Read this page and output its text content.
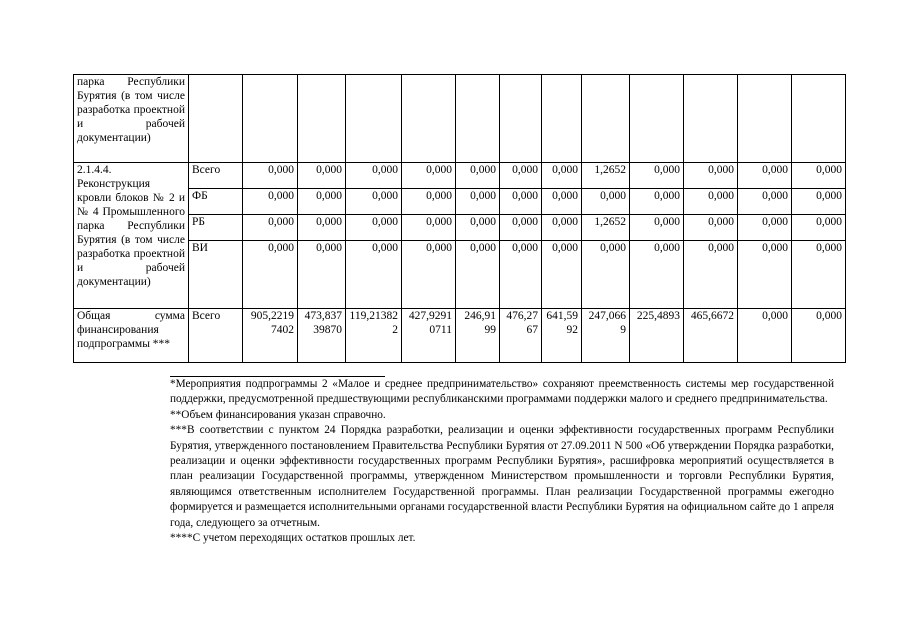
парка Республики Бурятия (в том числе разработка проектной и рабочей документации)													
2.1.4.4. Реконструкция кровли блоков № 2 и № 4 Промышленного парка Республики Бурятия (в том числе разработка проектной и рабочей документации)	Всего	0,000	0,000	0,000	0,000	0,000	0,000	0,000	1,2652	0,000	0,000	0,000	0,000
	ФБ	0,000	0,000	0,000	0,000	0,000	0,000	0,000	0,000	0,000	0,000	0,000	0,000
	РБ	0,000	0,000	0,000	0,000	0,000	0,000	0,000	1,2652	0,000	0,000	0,000	0,000
	ВИ	0,000	0,000	0,000	0,000	0,000	0,000	0,000	0,000	0,000	0,000	0,000	0,000
Общая сумма финансирования подпрограммы ***	Всего	905,22197402	473,83739870	119,213822	427,92910711	246,9199	476,2767	641,5992	247,0669	225,4893	465,6672	0,000	0,000

*Мероприятия подпрограммы 2 «Малое и среднее предпринимательство» сохраняют преемственность системы мер государственной поддержки, предусмотренной предшествующими республиканскими программами поддержки малого и среднего предпринимательства.

**Объем финансирования указан справочно.

***В соответствии с пунктом 24 Порядка разработки, реализации и оценки эффективности государственных программ Республики Бурятия, утвержденного постановлением Правительства Республики Бурятия от 27.09.2011 N 500 «Об утверждении Порядка разработки, реализации и оценки эффективности государственных программ Республики Бурятия», расшифровка мероприятий осуществляется в план реализации Государственной программы, утвержденном Министерством промышленности и торговли Республики Бурятия, являющимся ответственным исполнителем Государственной программы. План реализации Государственной программы ежегодно формируется и размещается исполнительными органами государственной власти Республики Бурятия на официальном сайте до 1 апреля года, следующего за отчетным.

****С учетом переходящих остатков прошлых лет.
